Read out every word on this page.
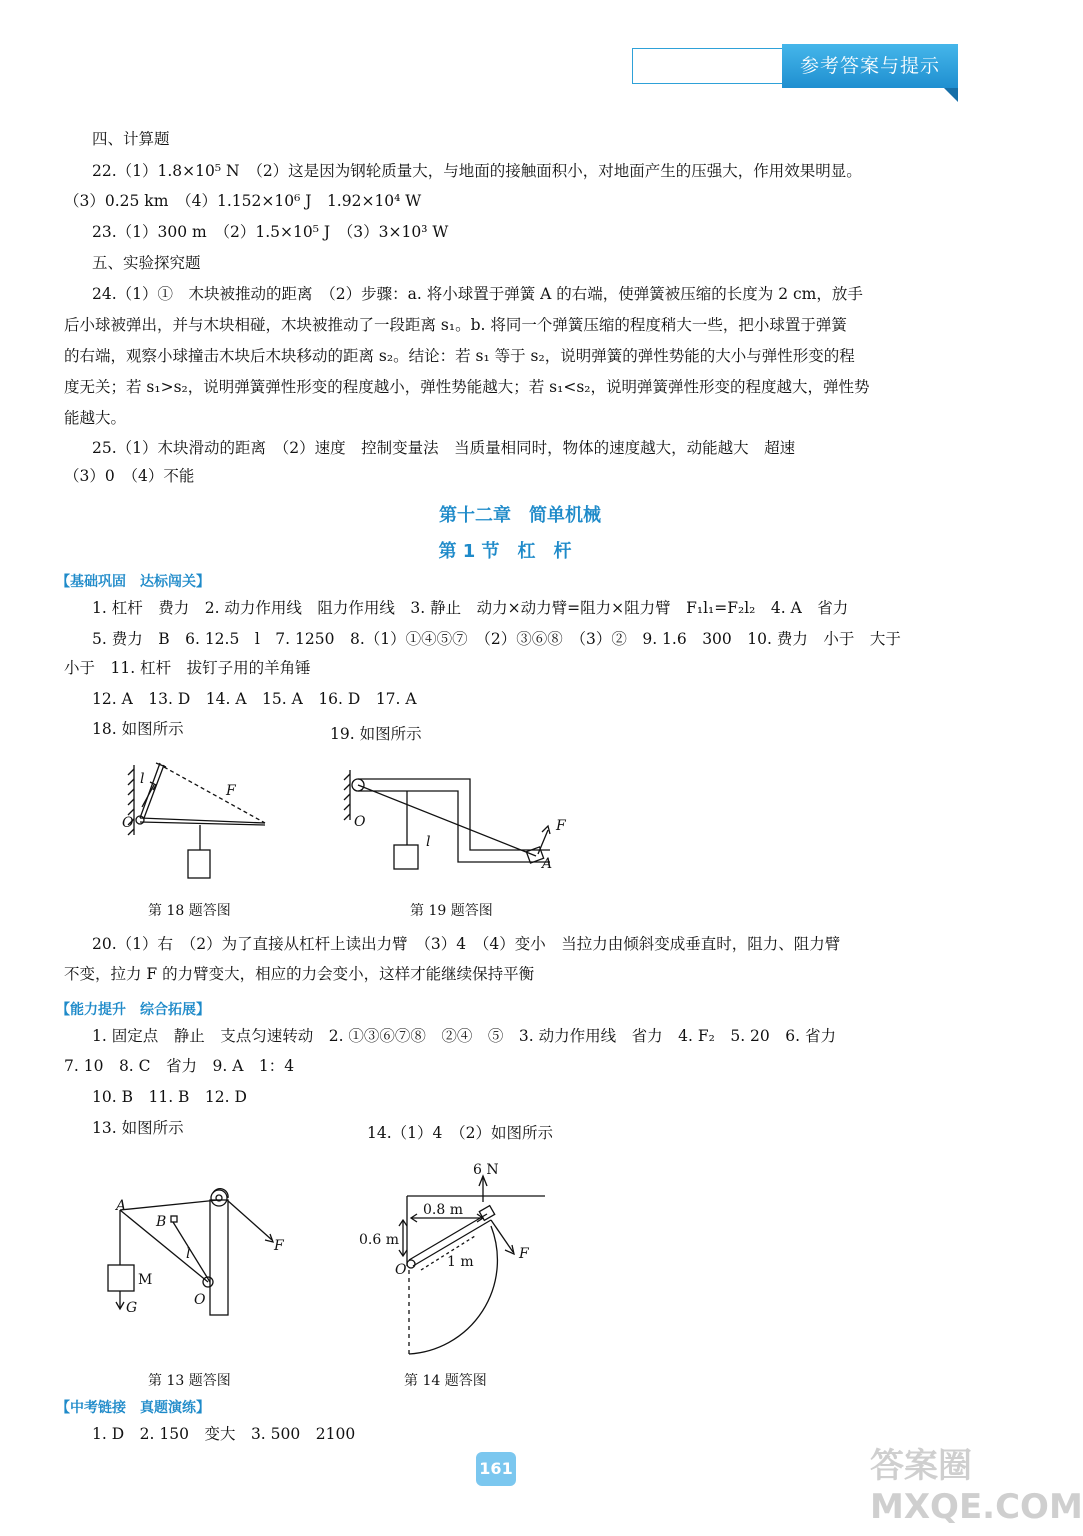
参考答案与提示
四、计算题
22.（1）1.8×10⁵ N　（2）这是因为钢轮质量大，与地面的接触面积小，对地面产生的压强大，作用效果明显。
（3）0.25 km　（4）1.152×10⁶ J　1.92×10⁴ W
23.（1）300 m　（2）1.5×10⁵ J　（3）3×10³ W
五、实验探究题
24.（1）①　木块被推动的距离　（2）步骤：a. 将小球置于弹簧 A 的右端，使弹簧被压缩的长度为 2 cm，放手
后小球被弹出，并与木块相碰，木块被推动了一段距离 s₁。b. 将同一个弹簧压缩的程度稍大一些，把小球置于弹簧
的右端，观察小球撞击木块后木块移动的距离 s₂。结论：若 s₁ 等于 s₂，说明弹簧的弹性势能的大小与弹性形变的程
度无关；若 s₁>s₂，说明弹簧弹性形变的程度越小，弹性势能越大；若 s₁<s₂，说明弹簧弹性形变的程度越大，弹性势
能越大。
25.（1）木块滑动的距离　（2）速度　控制变量法　当质量相同时，物体的速度越大，动能越大　超速
（3）0　（4）不能
第十二章　简单机械
第 1 节　杠　杆
【基础巩固　达标闯关】
1. 杠杆　费力　2. 动力作用线　阻力作用线　3. 静止　动力×动力臂=阻力×阻力臂　F₁l₁=F₂l₂　4. A　省力
5. 费力　B　6. 12.5　l　7. 1250　8.（1）①④⑤⑦　（2）③⑥⑧　（3）②　9. 1.6　300　10. 费力　小于　大于
小于　11. 杠杆　拔钉子用的羊角锤
12. A　13. D　14. A　15. A　16. D　17. A
18. 如图所示	19. 如图所示
l
F
O	O
l
F
A
第 18 题答图	第 19 题答图
20.（1）右　（2）为了直接从杠杆上读出力臂　（3）4　（4）变小　当拉力由倾斜变成垂直时，阻力、阻力臂
不变，拉力 F 的力臂变大，相应的力会变小，这样才能继续保持平衡
【能力提升　综合拓展】
1. 固定点　静止　支点匀速转动　2. ①③⑥⑦⑧　②④　⑤　3. 动力作用线　省力　4. F₂　5. 20　6. 省力
7. 10　8. C　省力　9. A　1：4
10. B　11. B　12. D
13. 如图所示	14.（1）4　（2）如图所示
A
B
l	F
M
G	O
6 N
0.8 m
0.6 m
1 m	F
O
第 13 题答图	第 14 题答图
【中考链接　真题演练】
1. D　2. 150　变大　3. 500　2100
161	答案圈 MXQE.COM
